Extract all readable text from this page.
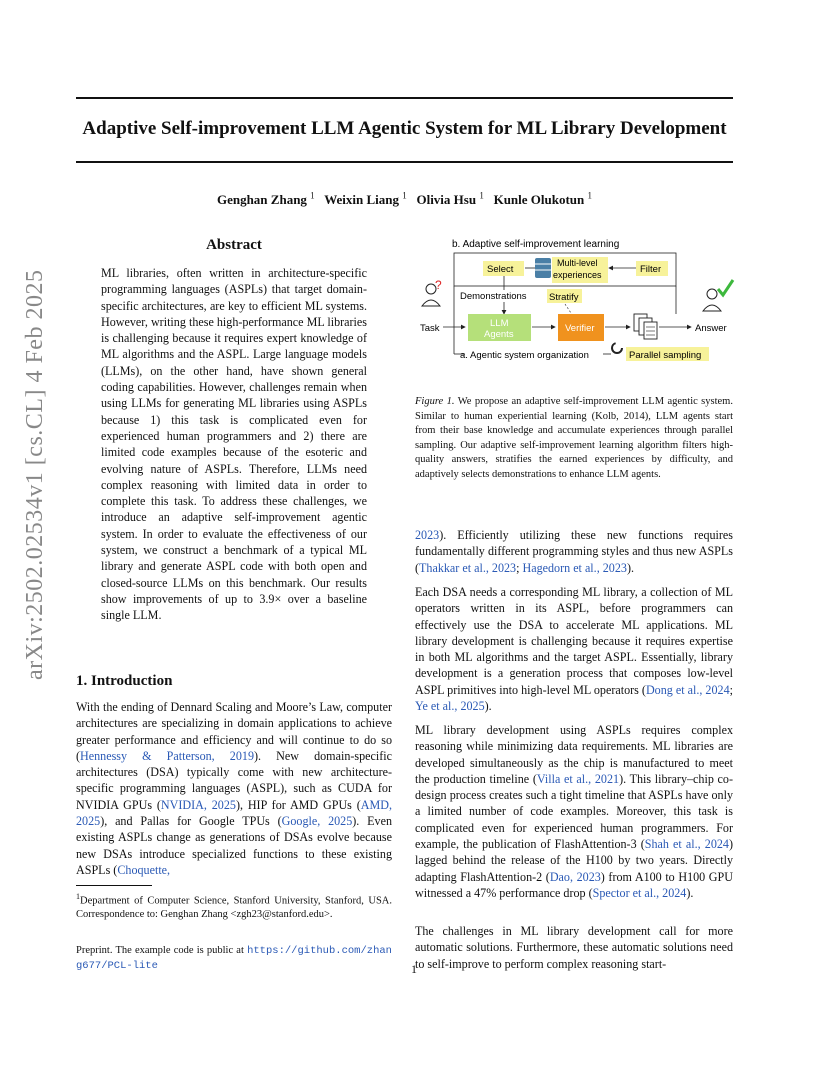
Adaptive Self-improvement LLM Agentic System for ML Library Development
Genghan Zhang $^1$ Weixin Liang $^1$ Olivia Hsu $^1$ Kunle Olukotun $^1$
arXiv:2502.02534v1 [cs.CL] 4 Feb 2025
Abstract
ML libraries, often written in architecture-specific programming languages (ASPLs) that target domain-specific architectures, are key to efficient ML systems. However, writing these high-performance ML libraries is challenging because it requires expert knowledge of ML algorithms and the ASPL. Large language models (LLMs), on the other hand, have shown general coding capabilities. However, challenges remain when using LLMs for generating ML libraries using ASPLs because 1) this task is complicated even for experienced human programmers and 2) there are limited code examples because of the esoteric and evolving nature of ASPLs. Therefore, LLMs need complex reasoning with limited data in order to complete this task. To address these challenges, we introduce an adaptive self-improvement agentic system. In order to evaluate the effectiveness of our system, we construct a benchmark of a typical ML library and generate ASPL code with both open and closed-source LLMs on this benchmark. Our results show improvements of up to 3.9× over a baseline single LLM.
1. Introduction
With the ending of Dennard Scaling and Moore’s Law, computer architectures are specializing in domain applications to achieve greater performance and efficiency and will continue to do so (Hennessy & Patterson, 2019). New domain-specific architectures (DSA) typically come with new architecture-specific programming languages (ASPL), such as CUDA for NVIDIA GPUs (NVIDIA, 2025), HIP for AMD GPUs (AMD, 2025), and Pallas for Google TPUs (Google, 2025). Even existing ASPLs change as generations of DSAs evolve because new DSAs introduce specialized functions to these existing ASPLs (Choquette,
$^1$Department of Computer Science, Stanford University, Stanford, USA. Correspondence to: Genghan Zhang <zgh23@stanford.edu>.
Preprint. The example code is public at https://github.com/zhang677/PCL-lite
b. Adaptive self-improvement learning
Select
Multi-level
experiences	Filter
Demonstrations Stratify
?
Task	LLM
Agents
Verifier	Answer
a. Agentic system organization	Parallel sampling
Figure 1. We propose an adaptive self-improvement LLM agentic system. Similar to human experiential learning (Kolb, 2014), LLM agents start from their base knowledge and accumulate experiences through parallel sampling. Our adaptive self-improvement learning algorithm filters high-quality answers, stratifies the earned experiences by difficulty, and adaptively selects demonstrations to enhance LLM agents.
2023). Efficiently utilizing these new functions requires fundamentally different programming styles and thus new ASPLs (Thakkar et al., 2023; Hagedorn et al., 2023).
Each DSA needs a corresponding ML library, a collection of ML operators written in its ASPL, before programmers can effectively use the DSA to accelerate ML applications. ML library development is challenging because it requires expertise in both ML algorithms and the target ASPL. Essentially, library development is a generation process that composes low-level ASPL primitives into high-level ML operators (Dong et al., 2024; Ye et al., 2025).
ML library development using ASPLs requires complex reasoning while minimizing data requirements. ML libraries are developed simultaneously as the chip is manufactured to meet the production timeline (Villa et al., 2021). This library–chip co-design process creates such a tight timeline that ASPLs have only a limited number of code examples. Moreover, this task is complicated even for experienced human programmers. For example, the publication of FlashAttention-3 (Shah et al., 2024) lagged behind the release of the H100 by two years. Directly adapting FlashAttention-2 (Dao, 2023) from A100 to H100 GPU witnessed a 47% performance drop (Spector et al., 2024).
The challenges in ML library development call for more automatic solutions. Furthermore, these automatic solutions need to self-improve to perform complex reasoning start-
1
